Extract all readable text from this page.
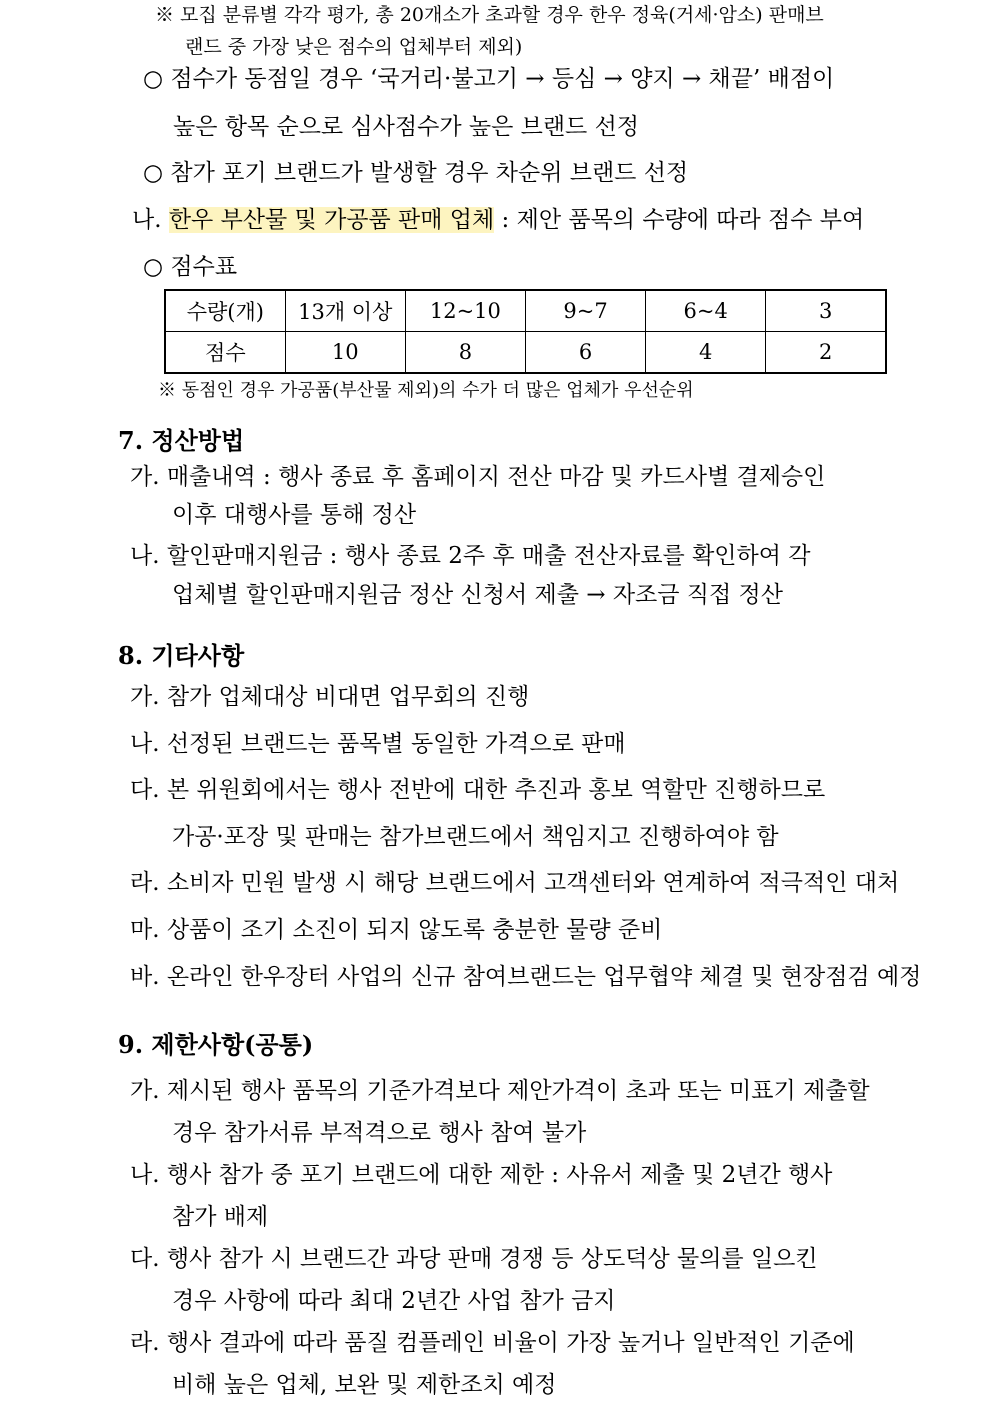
※ 모집 분류별 각각 평가, 총 20개소가 초과할 경우 한우 정육(거세·암소) 판매브
랜드 중 가장 낮은 점수의 업체부터 제외)
○ 점수가 동점일 경우 ‘국거리·불고기 → 등심 → 양지 → 채끝’ 배점이
높은 항목 순으로 심사점수가 높은 브랜드 선정
○ 참가 포기 브랜드가 발생할 경우 차순위 브랜드 선정
나. 한우 부산물 및 가공품 판매 업체 : 제안 품목의 수량에 따라 점수 부여
○ 점수표
수량(개)	13개 이상	12~10	9~7	6~4	3
점수	10	8	6	4	2
※ 동점인 경우 가공품(부산물 제외)의 수가 더 많은 업체가 우선순위
7. 정산방법
가. 매출내역 : 행사 종료 후 홈페이지 전산 마감 및 카드사별 결제승인
이후 대행사를 통해 정산
나. 할인판매지원금 : 행사 종료 2주 후 매출 전산자료를 확인하여 각
업체별 할인판매지원금 정산 신청서 제출 → 자조금 직접 정산
8. 기타사항
가. 참가 업체대상 비대면 업무회의 진행
나. 선정된 브랜드는 품목별 동일한 가격으로 판매
다. 본 위원회에서는 행사 전반에 대한 추진과 홍보 역할만 진행하므로
가공·포장 및 판매는 참가브랜드에서 책임지고 진행하여야 함
라. 소비자 민원 발생 시 해당 브랜드에서 고객센터와 연계하여 적극적인 대처
마. 상품이 조기 소진이 되지 않도록 충분한 물량 준비
바. 온라인 한우장터 사업의 신규 참여브랜드는 업무협약 체결 및 현장점검 예정
9. 제한사항(공통)
가. 제시된 행사 품목의 기준가격보다 제안가격이 초과 또는 미표기 제출할
경우 참가서류 부적격으로 행사 참여 불가
나. 행사 참가 중 포기 브랜드에 대한 제한 : 사유서 제출 및 2년간 행사
참가 배제
다. 행사 참가 시 브랜드간 과당 판매 경쟁 등 상도덕상 물의를 일으킨
경우 사항에 따라 최대 2년간 사업 참가 금지
라. 행사 결과에 따라 품질 컴플레인 비율이 가장 높거나 일반적인 기준에
비해 높은 업체, 보완 및 제한조치 예정
